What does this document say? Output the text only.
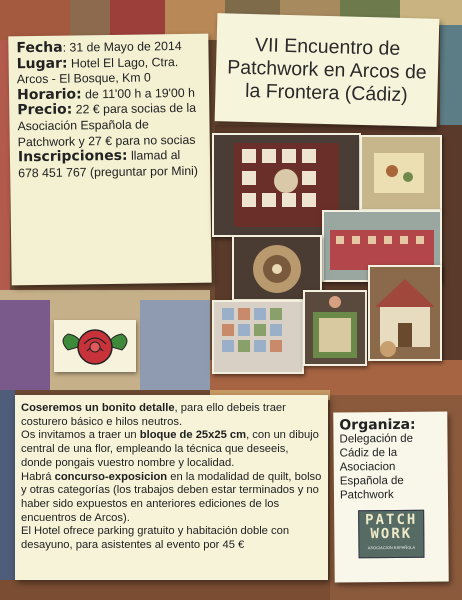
Fecha: 31 de Mayo de 2014

Lugar: Hotel El Lago, Ctra. Arcos - El Bosque, Km 0

Horario: de 11'00 h a 19'00 h

Precio: 22 € para socias de la Asociación Española de Patchwork y 27 € para no socias

Inscripciones: llamad al 678 451 767 (preguntar por Mini)

VII Encuentro de Patchwork en Arcos de la Frontera (Cádiz)

Coseremos un bonito detalle, para ello debeis traer costurero básico e hilos neutros.

Os invitamos a traer un bloque de 25x25 cm, con un dibujo central de una flor, empleando la técnica que deseeis, donde pongais vuestro nombre y localidad.

Habrá concurso-exposicion en la modalidad de quilt, bolso y otras categorías (los trabajos deben estar terminados y no haber sido expuestos en anteriores ediciones de los encuentros de Arcos).

El Hotel ofrece parking gratuito y habitación doble con desayuno, para asistentes al evento por 45 €

Organiza:
Delegación de Cádiz de la Asociacion Española de Patchwork
PATCH
WORK
ASOCIACION ESPAÑOLA
